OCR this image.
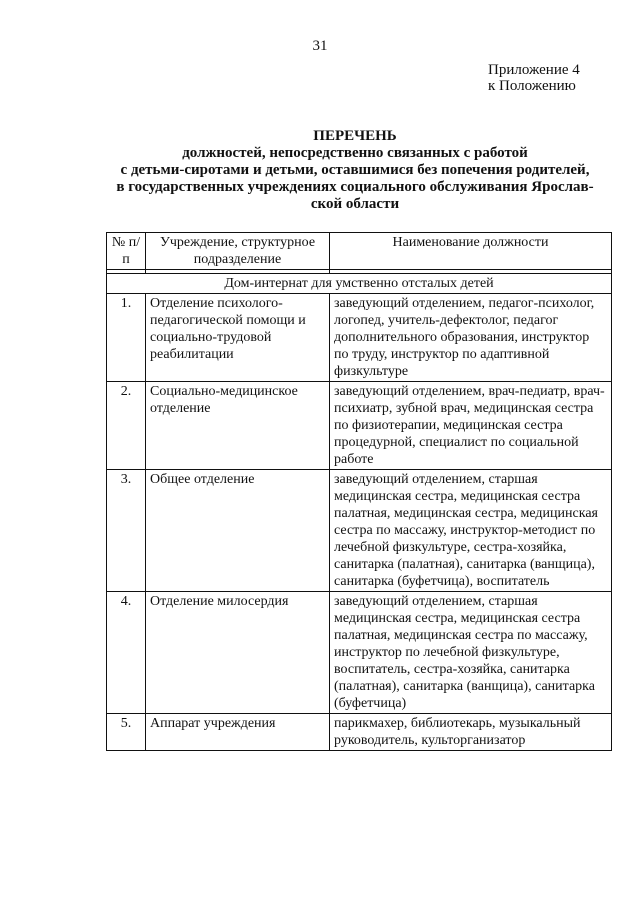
31
Приложение 4
к Положению
ПЕРЕЧЕНЬ
должностей, непосредственно связанных с работой
с детьми-сиротами и детьми, оставшимися без попечения родителей,
в государственных учреждениях социального обслуживания Ярослав-
ской области
№ п/п	Учреждение, структурное подразделение	Наименование должности

Дом-интернат для умственно отсталых детей		
1.	Отделение психолого-педагогической помощи и социально-трудовой реабилитации	заведующий отделением, педагог-психолог, логопед, учитель-дефектолог, педагог дополнительного образования, инструктор по труду, инструктор по адаптивной физкультуре
2.	Социально-медицинское отделение	заведующий отделением, врач-педиатр, врач-психиатр, зубной врач, медицинская сестра по физиотерапии, медицинская сестра процедурной, специалист по социальной работе
3.	Общее отделение	заведующий отделением, старшая медицинская сестра, медицинская сестра палатная, медицинская сестра, медицинская сестра по массажу, инструктор-методист по лечебной физкультуре, сестра-хозяйка, санитарка (палатная), санитарка (ванщица), санитарка (буфетчица), воспитатель
4.	Отделение милосердия	заведующий отделением, старшая медицинская сестра, медицинская сестра палатная, медицинская сестра по массажу, инструктор по лечебной физкультуре, воспитатель, сестра-хозяйка, санитарка (палатная), санитарка (ванщица), санитарка (буфетчица)
5.	Аппарат учреждения	парикмахер, библиотекарь, музыкальный руководитель, культорганизатор
